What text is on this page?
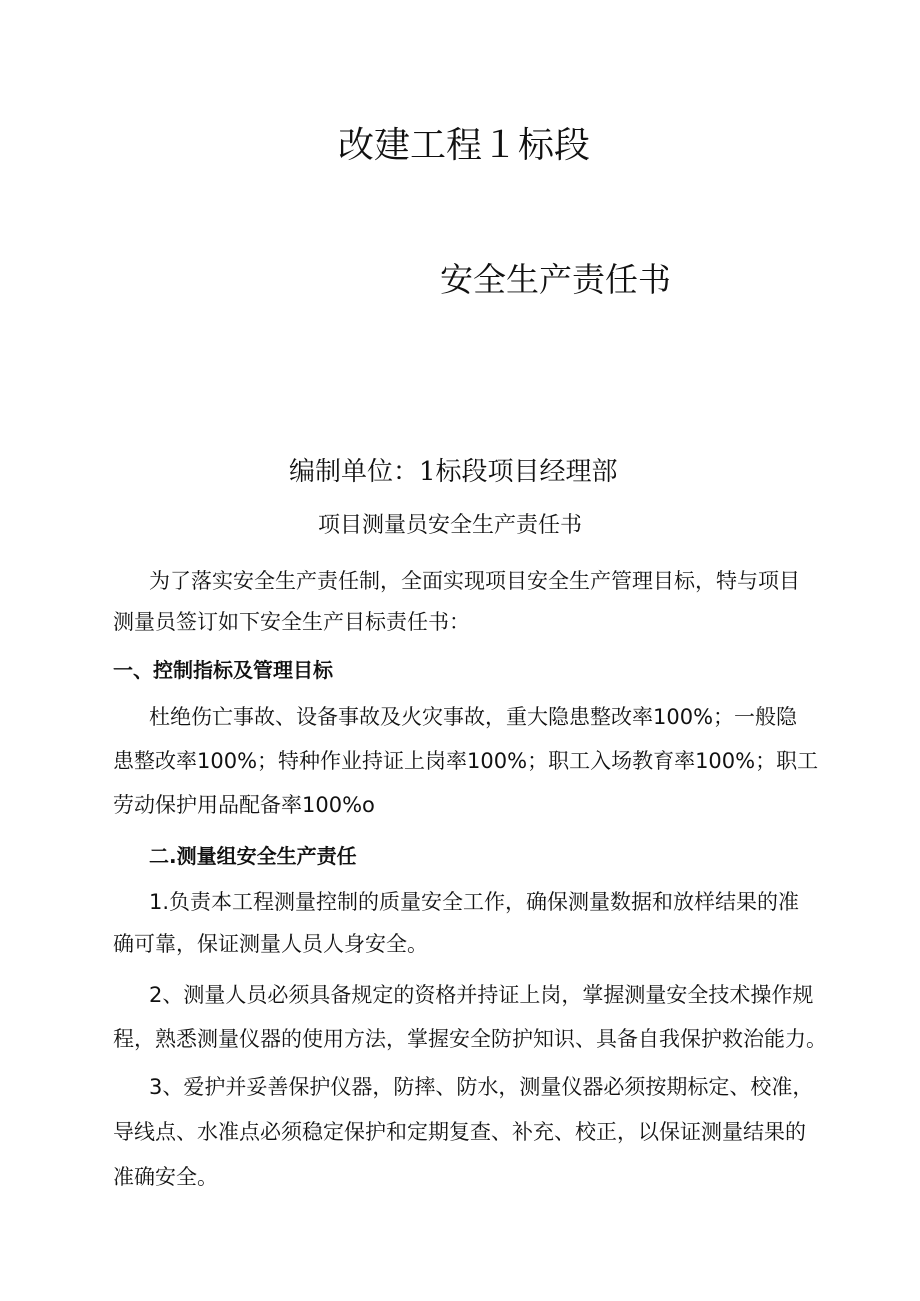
改建工程１标段
安全生产责任书
编制单位：1标段项目经理部
项目测量员安全生产责任书
为了落实安全生产责任制，全面实现项目安全生产管理目标，特与项目
测量员签订如下安全生产目标责任书：
一、控制指标及管理目标
杜绝伤亡事故、设备事故及火灾事故，重大隐患整改率100%；一般隐
患整改率100%；特种作业持证上岗率100%；职工入场教育率100%；职工
劳动保护用品配备率100%o
二.测量组安全生产责任
1.负责本工程测量控制的质量安全工作，确保测量数据和放样结果的准
确可靠，保证测量人员人身安全。
2、测量人员必须具备规定的资格并持证上岗，掌握测量安全技术操作规
程，熟悉测量仪器的使用方法，掌握安全防护知识、具备自我保护救治能力。
3、爱护并妥善保护仪器，防摔、防水，测量仪器必须按期标定、校准，
导线点、水准点必须稳定保护和定期复查、补充、校正，以保证测量结果的
准确安全。
